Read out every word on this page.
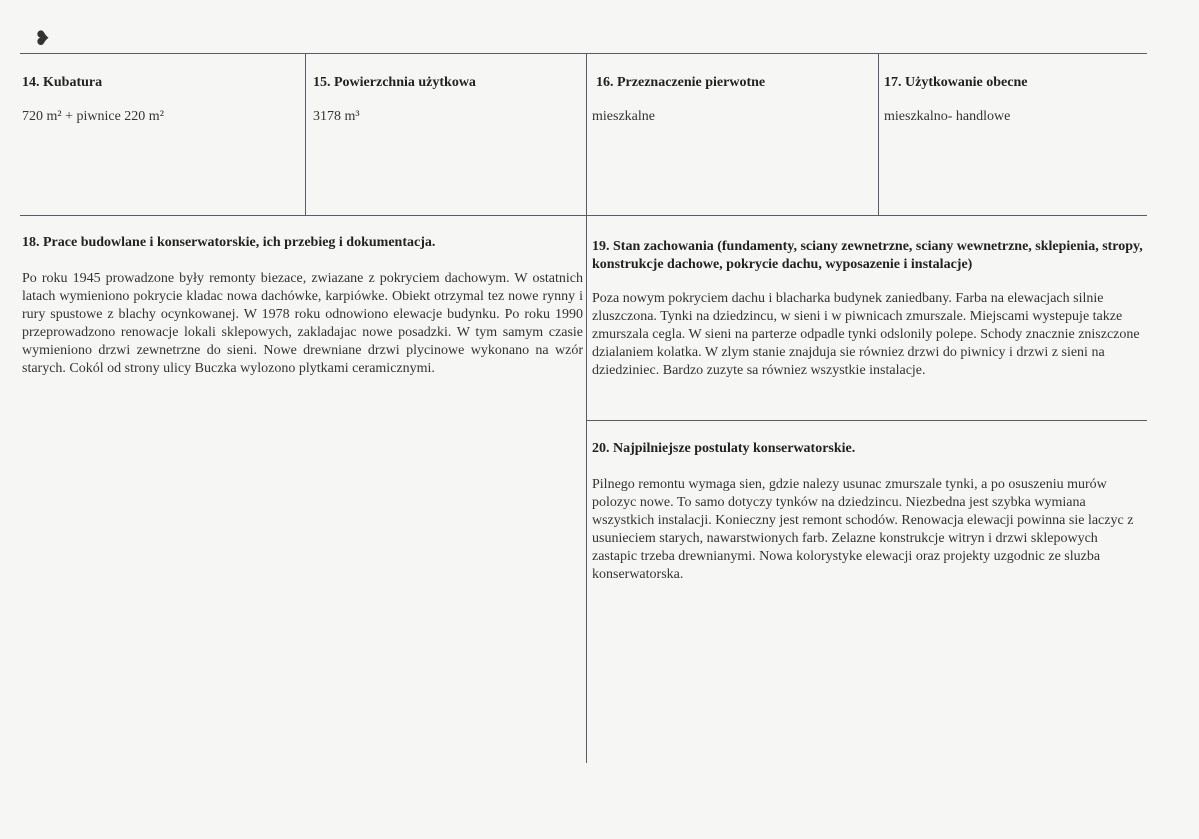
❥
14. Kubatura
720 m² + piwnice 220 m²
15. Powierzchnia użytkowa
3178 m³
16. Przeznaczenie pierwotne
mieszkalne
17. Użytkowanie obecne
mieszkalno- handlowe
18. Prace budowlane i konserwatorskie, ich przebieg i dokumentacja.
Po roku 1945 prowadzone były remonty biezace, zwiazane z pokryciem dachowym. W ostatnich latach wymieniono pokrycie kladac nowa dachówke, karpiówke. Obiekt otrzymal tez nowe rynny i rury spustowe z blachy ocynkowanej. W 1978 roku odnowiono elewacje budynku. Po roku 1990 przeprowadzono renowacje lokali sklepowych, zakladajac nowe posadzki. W tym samym czasie wymieniono drzwi zewnetrzne do sieni. Nowe drewniane drzwi plycinowe wykonano na wzór starych. Cokól od strony ulicy Buczka wylozono plytkami ceramicznymi.
19. Stan zachowania (fundamenty, sciany zewnetrzne, sciany wewnetrzne, sklepienia, stropy, konstrukcje dachowe, pokrycie dachu, wyposazenie i instalacje)
Poza nowym pokryciem dachu i blacharka budynek zaniedbany. Farba na elewacjach silnie zluszczona. Tynki na dziedzincu, w sieni i w piwnicach zmurszale. Miejscami wystepuje takze zmurszala cegla. W sieni na parterze odpadle tynki odslonily polepe. Schody znacznie zniszczone dzialaniem kolatka. W zlym stanie znajduja sie równiez drzwi do piwnicy i drzwi z sieni na dziedziniec. Bardzo zuzyte sa równiez wszystkie instalacje.
20. Najpilniejsze postulaty konserwatorskie.
Pilnego remontu wymaga sien, gdzie nalezy usunac zmurszale tynki, a po osuszeniu murów polozyc nowe. To samo dotyczy tynków na dziedzincu. Niezbedna jest szybka wymiana wszystkich instalacji. Konieczny jest remont schodów. Renowacja elewacji powinna sie laczyc z usunieciem starych, nawarstwionych farb. Zelazne konstrukcje witryn i drzwi sklepowych zastapic trzeba drewnianymi. Nowa kolorystyke elewacji oraz projekty uzgodnic ze sluzba konserwatorska.
